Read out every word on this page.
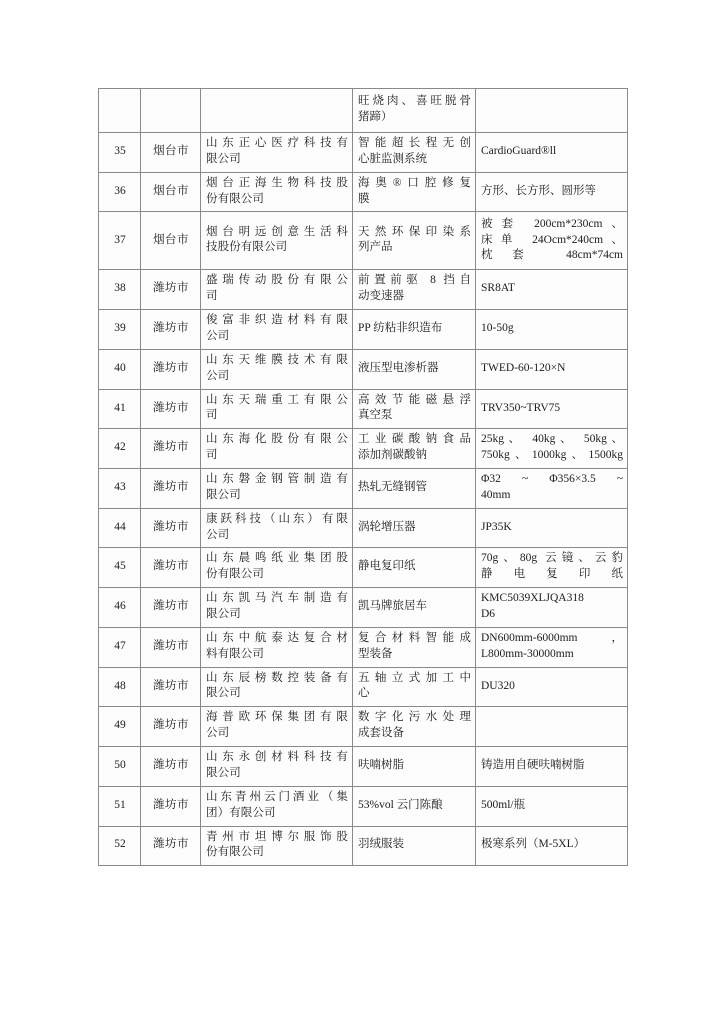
			旺烧肉、喜旺脱骨
猪蹄）	

35	烟台市	山东正心医疗科技有
限公司	智能超长程无创
心脏监测系统	CardioGuard®ll

36	烟台市	烟台正海生物科技股
份有限公司	海奥®口腔修复
膜	方形、长方形、圆形等

37	烟台市	烟台明远创意生活科
技股份有限公司	天然环保印染系
列产品	被套 200cm*230cm、
床单 24Ocm*240cm、
枕套 48cm*74cm

38	潍坊市	盛瑞传动股份有限公
司	前置前驱 8 挡自
动变速器	SR8AT

39	潍坊市	俊富非织造材料有限
公司	PP 纺粘非织造布	10-50g

40	潍坊市	山东天维膜技术有限
公司	液压型电渗析器	TWED-60-120×N

41	潍坊市	山东天瑞重工有限公
司	高效节能磁悬浮
真空泵	TRV350~TRV75

42	潍坊市	山东海化股份有限公
司	工业碳酸钠食品
添加剂碳酸钠	25kg、 40kg、 50kg、
750kg、1000kg、1500kg

43	潍坊市	山东磐金钢管制造有
限公司	热轧无缝钢管	Φ32 ~ Φ356×3.5 ~
40mm

44	潍坊市	康跃科技（山东）有限
公司	涡轮增压器	JP35K

45	潍坊市	山东晨鸣纸业集团股
份有限公司	静电复印纸	70g、80g 云镜、云豹
静电复印纸

46	潍坊市	山东凯马汽车制造有
限公司	凯马牌旅居车	KMC5039XLJQA318
D6

47	潍坊市	山东中航泰达复合材
料有限公司	复合材料智能成
型装备	DN600mm-6000mm，
L800mm-30000mm

48	潍坊市	山东辰榜数控装备有
限公司	五轴立式加工中
心	DU320

49	潍坊市	海普欧环保集团有限
公司	数字化污水处理
成套设备	

50	潍坊市	山东永创材料科技有
限公司	呋喃树脂	铸造用自硬呋喃树脂

51	潍坊市	山东青州云门酒业（集
团）有限公司	53%vol 云门陈酿	500ml/瓶

52	潍坊市	青州市坦博尔服饰股
份有限公司	羽绒服装	极寒系列（M-5XL）
